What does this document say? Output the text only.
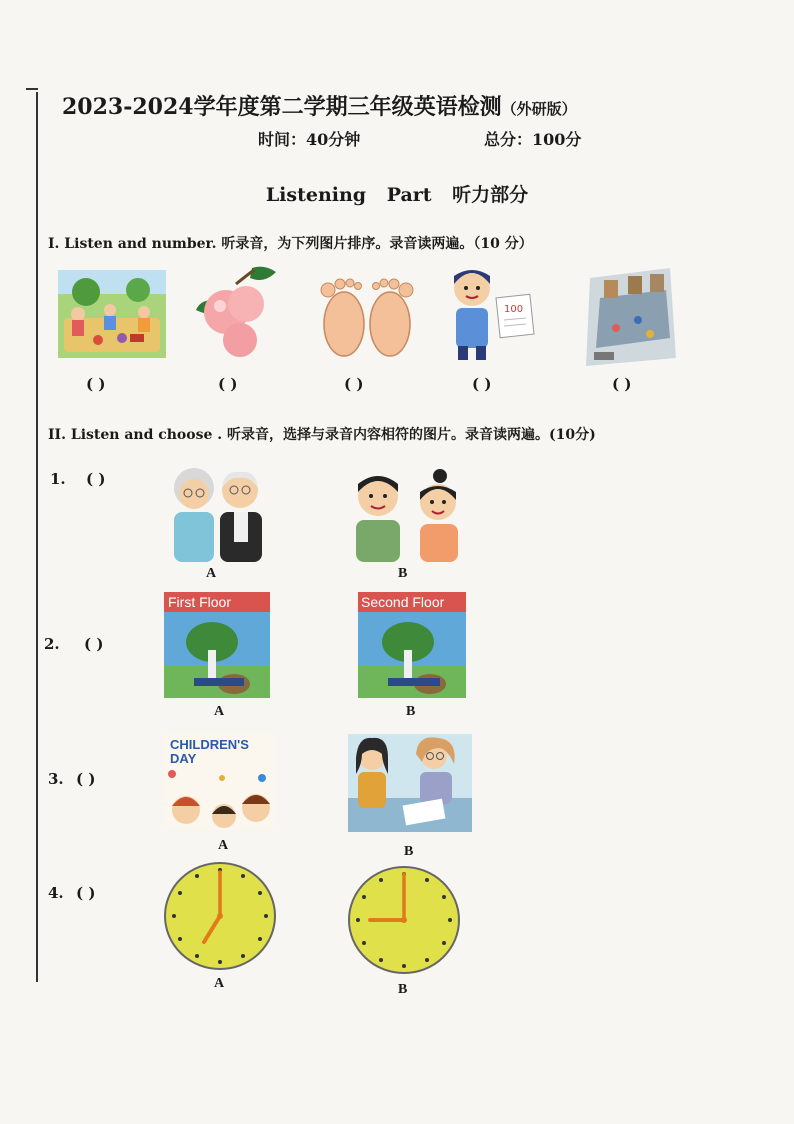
2023-2024学年度第二学期三年级英语检测（外研版）
时间：40分钟	总分：100分
Listening Part 听力部分
I. Listen and number. 听录音，为下列图片排序。录音读两遍。（10 分）
100
( )	( )	( )	( )	( )
II. Listen and choose . 听录音，选择与录音内容相符的图片。录音读两遍。(10分)
1. ( )
A	B
2. ( )
First Floor
A
Second Floor
B
3. ( )
CHILDREN'S DAY
A	B
4. ( )
A	B
